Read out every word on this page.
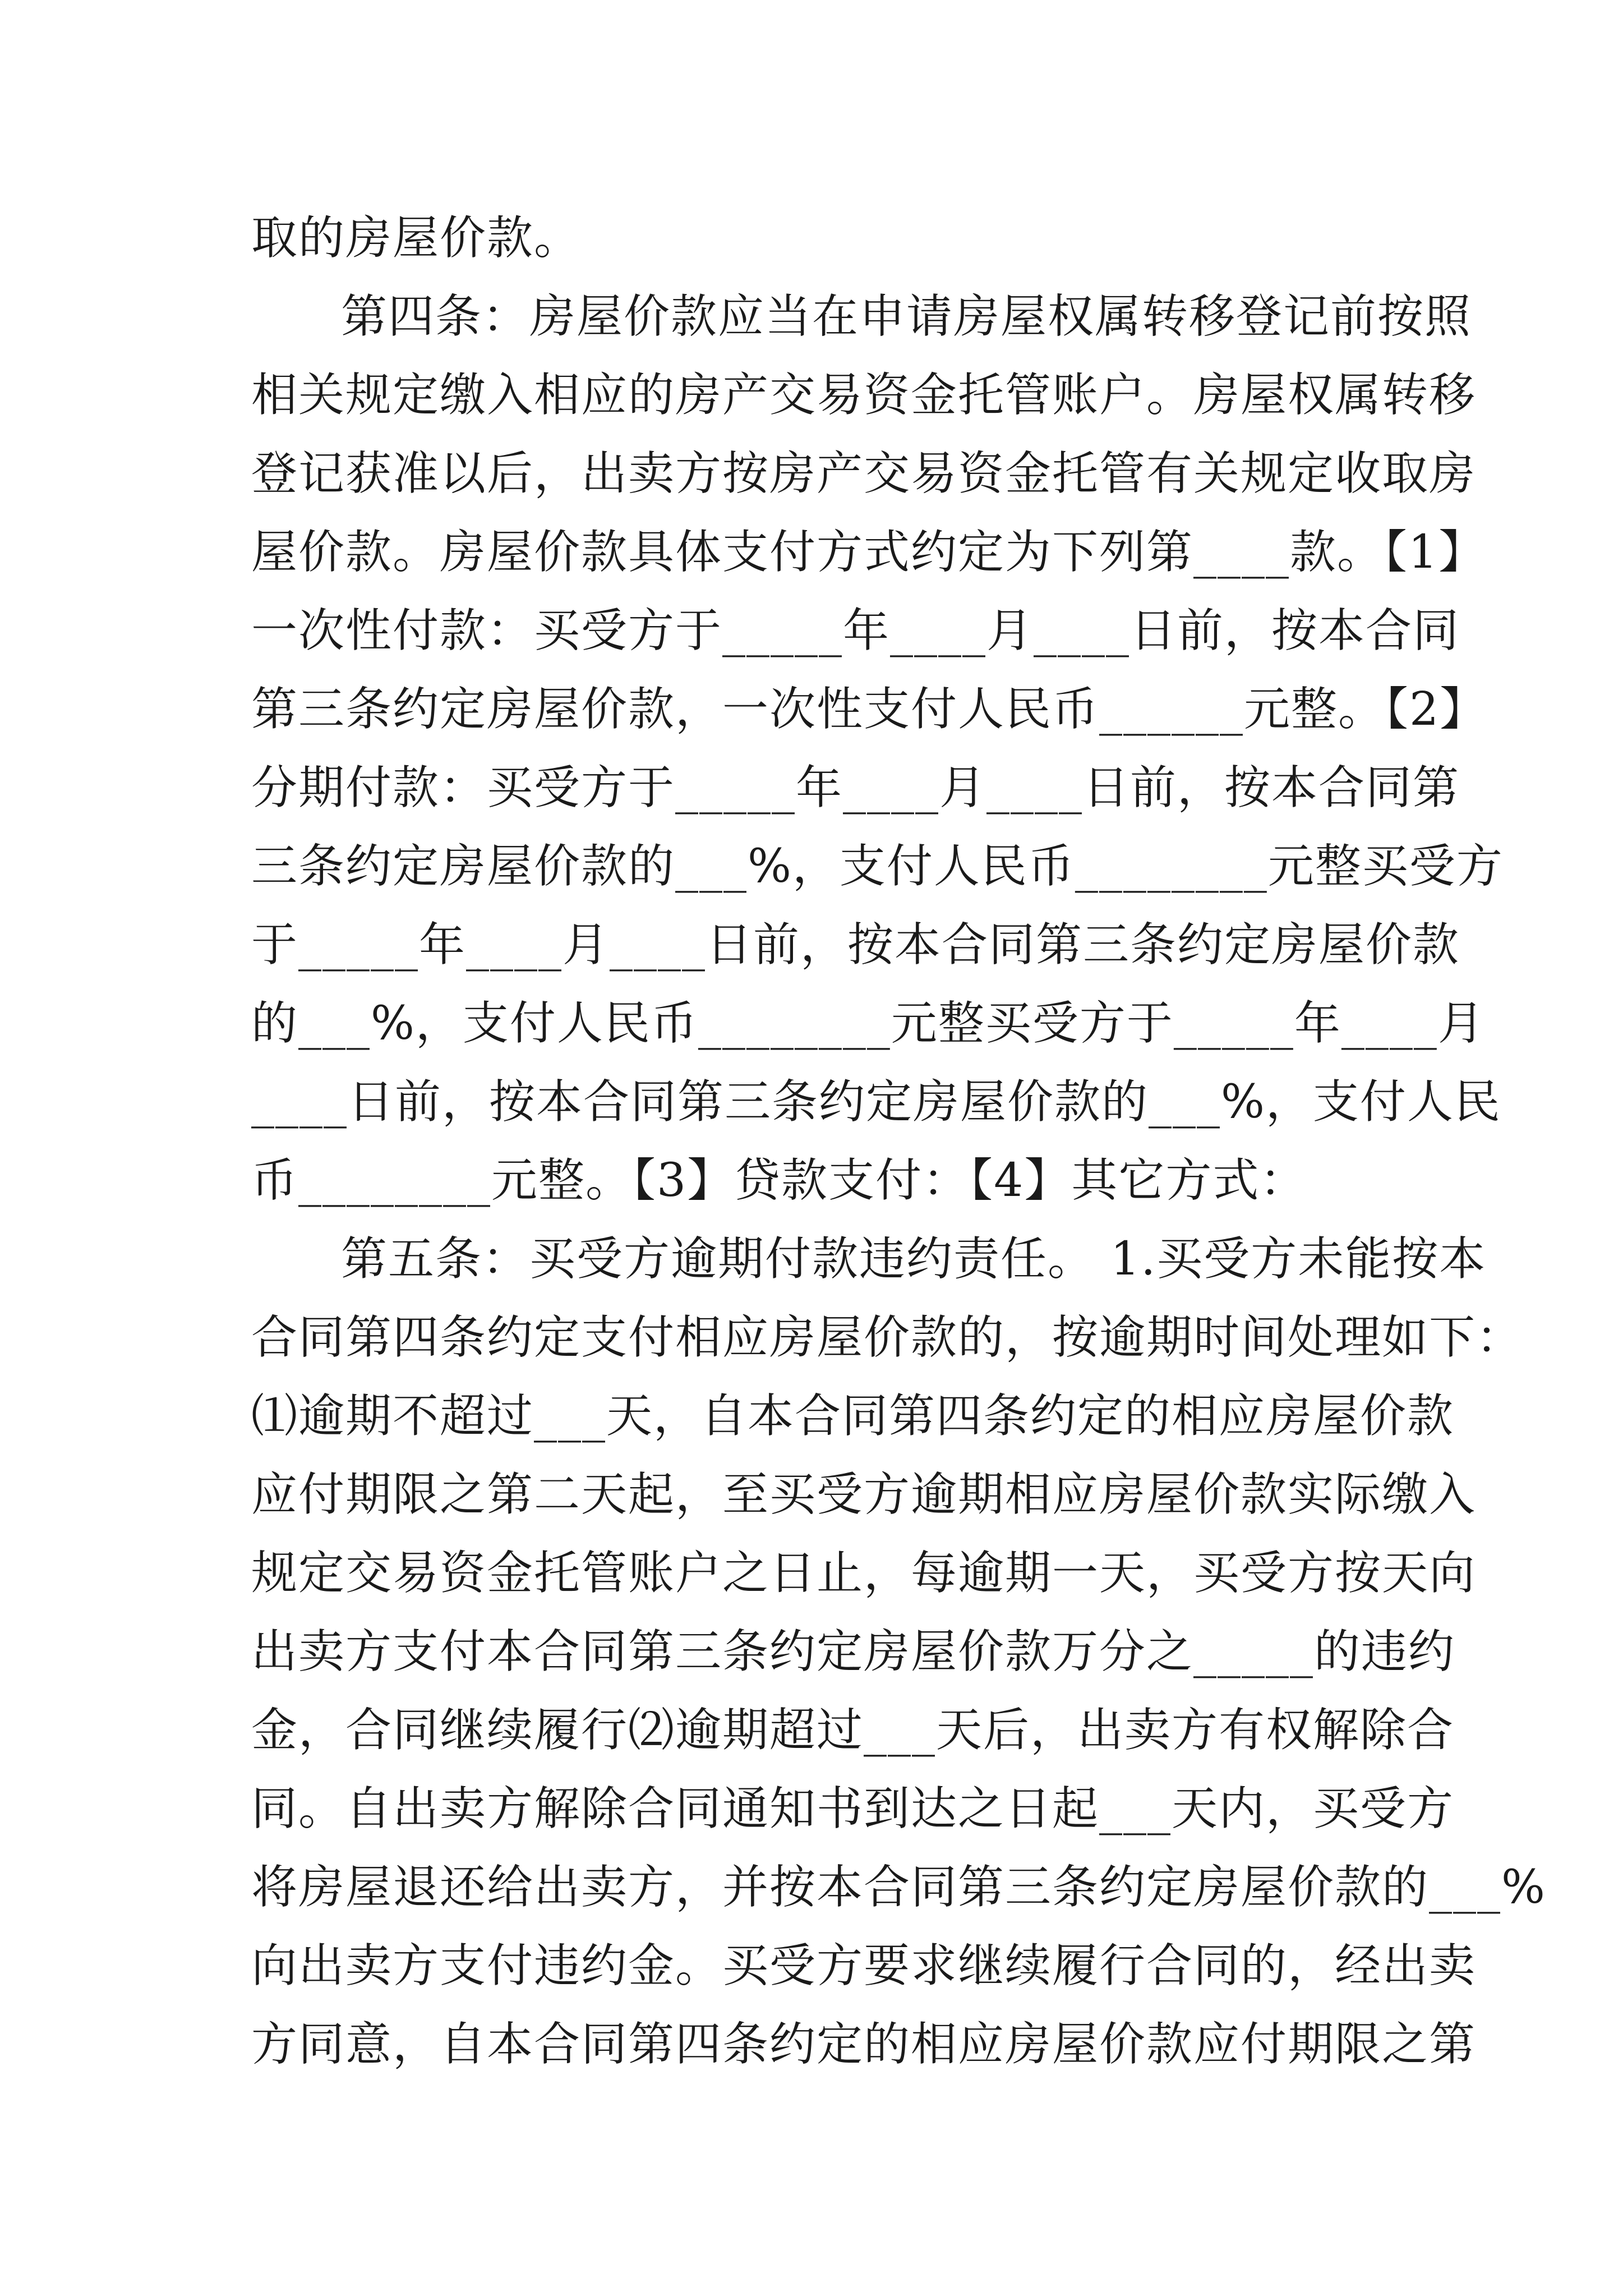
取的房屋价款。
第四条：房屋价款应当在申请房屋权属转移登记前按照
相关规定缴入相应的房产交易资金托管账户。房屋权属转移
登记获准以后，出卖方按房产交易资金托管有关规定收取房
屋价款。房屋价款具体支付方式约定为下列第____款。【1】
一次性付款：买受方于_____年____月____日前，按本合同
第三条约定房屋价款，一次性支付人民币______元整。【2】
分期付款：买受方于_____年____月____日前，按本合同第
三条约定房屋价款的___%，支付人民币________元整买受方
于_____年____月____日前，按本合同第三条约定房屋价款
的___%，支付人民币________元整买受方于_____年____月
____日前，按本合同第三条约定房屋价款的___%，支付人民
币________元整。【3】贷款支付：【4】其它方式：
第五条：买受方逾期付款违约责任。 1.买受方未能按本
合同第四条约定支付相应房屋价款的，按逾期时间处理如下：
⑴逾期不超过___天，自本合同第四条约定的相应房屋价款
应付期限之第二天起，至买受方逾期相应房屋价款实际缴入
规定交易资金托管账户之日止，每逾期一天，买受方按天向
出卖方支付本合同第三条约定房屋价款万分之_____的违约
金，合同继续履行⑵逾期超过___天后，出卖方有权解除合
同。自出卖方解除合同通知书到达之日起___天内，买受方
将房屋退还给出卖方，并按本合同第三条约定房屋价款的___%
向出卖方支付违约金。买受方要求继续履行合同的，经出卖
方同意，自本合同第四条约定的相应房屋价款应付期限之第
